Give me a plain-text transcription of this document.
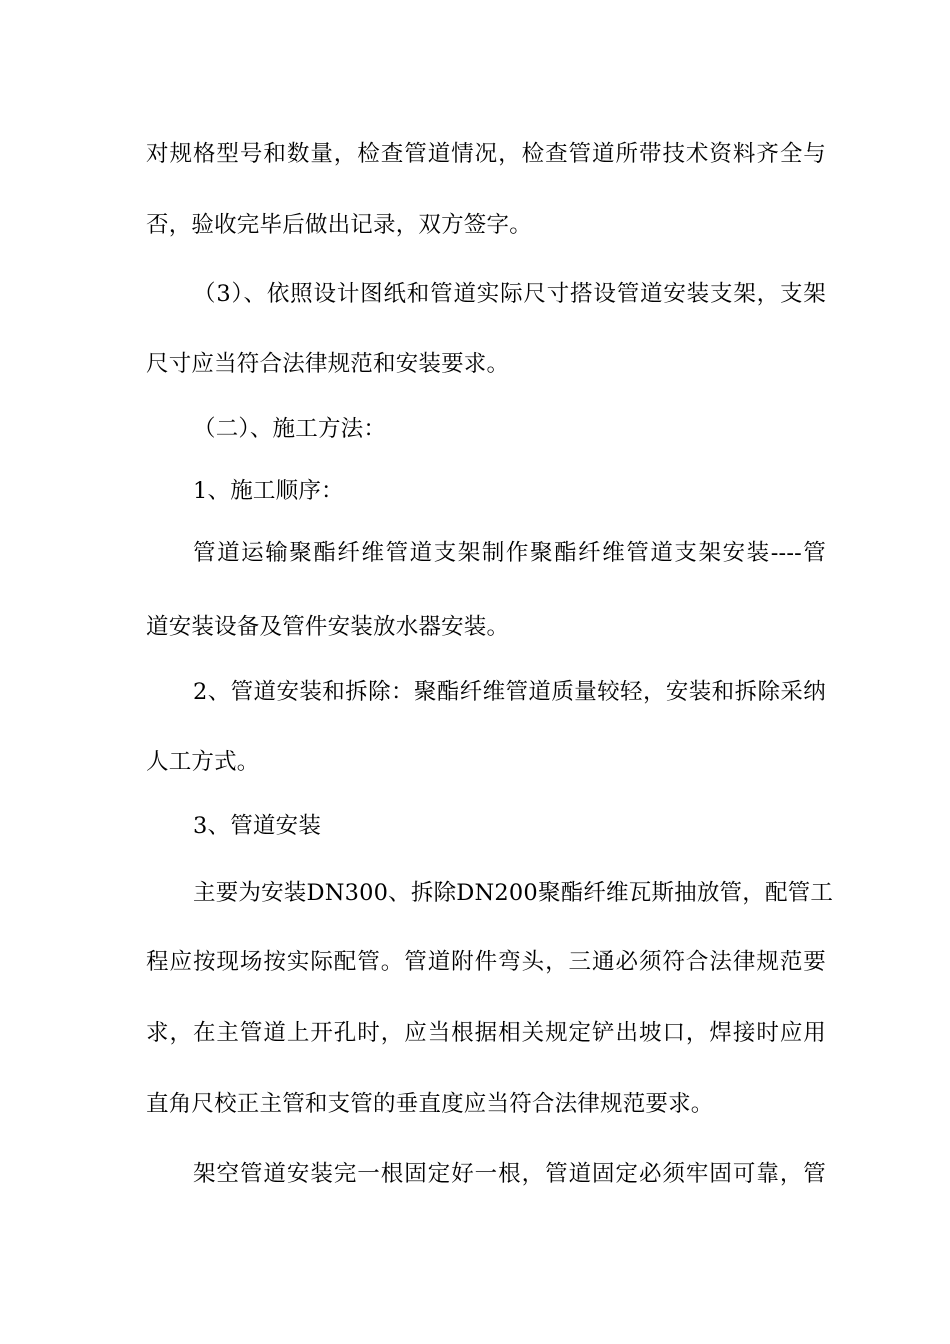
对规格型号和数量，检查管道情况，检查管道所带技术资料齐全与
否，验收完毕后做出记录，双方签字。
（3）、依照设计图纸和管道实际尺寸搭设管道安装支架，支架
尺寸应当符合法律规范和安装要求。
（二）、施工方法：
1、施工顺序：
管道运输聚酯纤维管道支架制作聚酯纤维管道支架安装----管
道安装设备及管件安装放水器安装。
2、管道安装和拆除：聚酯纤维管道质量较轻，安装和拆除采纳
人工方式。
3、管道安装
主要为安装DN300、拆除DN200聚酯纤维瓦斯抽放管，配管工
程应按现场按实际配管。管道附件弯头，三通必须符合法律规范要
求，在主管道上开孔时，应当根据相关规定铲出坡口，焊接时应用
直角尺校正主管和支管的垂直度应当符合法律规范要求。
架空管道安装完一根固定好一根，管道固定必须牢固可靠，管
